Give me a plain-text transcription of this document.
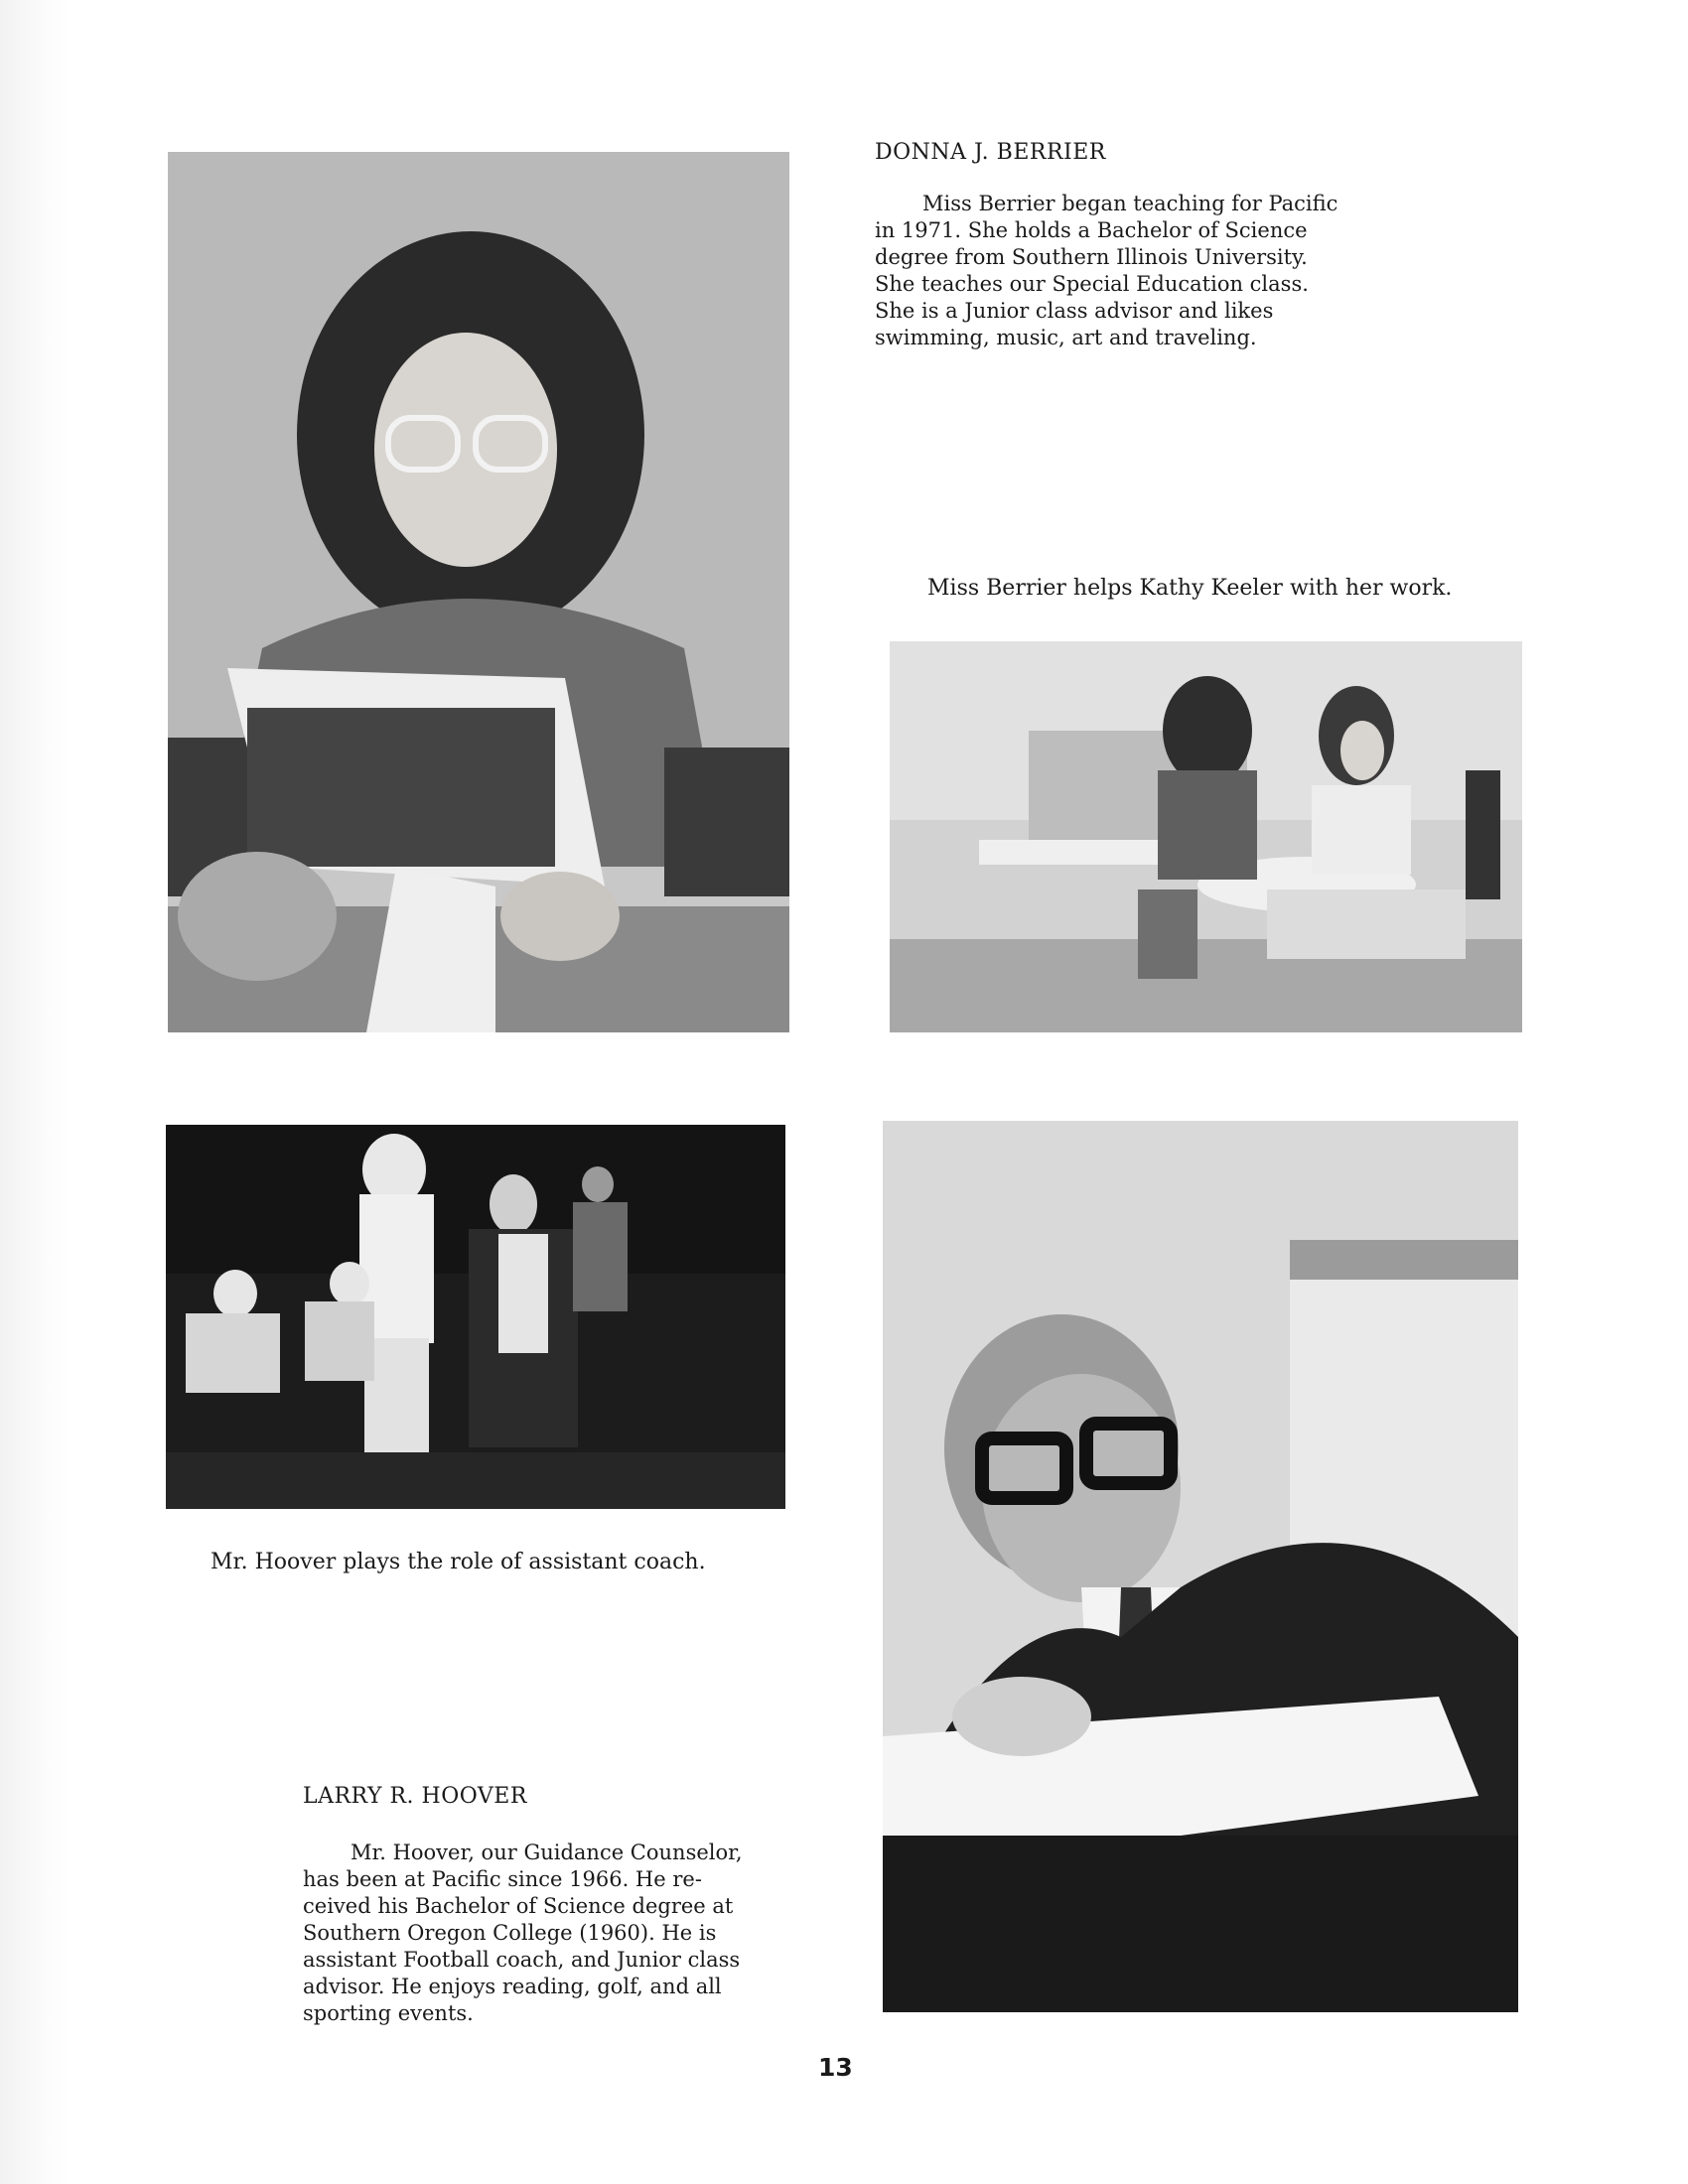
DONNA J. BERRIER

Miss Berrier began teaching for Pacific
in 1971. She holds a Bachelor of Science
degree from Southern Illinois University.
She teaches our Special Education class.
She is a Junior class advisor and likes
swimming, music, art and traveling.

Miss Berrier helps Kathy Keeler with her work.
Mr. Hoover plays the role of assistant coach.
LARRY R. HOOVER

Mr. Hoover, our Guidance Counselor,
has been at Pacific since 1966. He re-
ceived his Bachelor of Science degree at
Southern Oregon College (1960). He is
assistant Football coach, and Junior class
advisor. He enjoys reading, golf, and all
sporting events.

13
